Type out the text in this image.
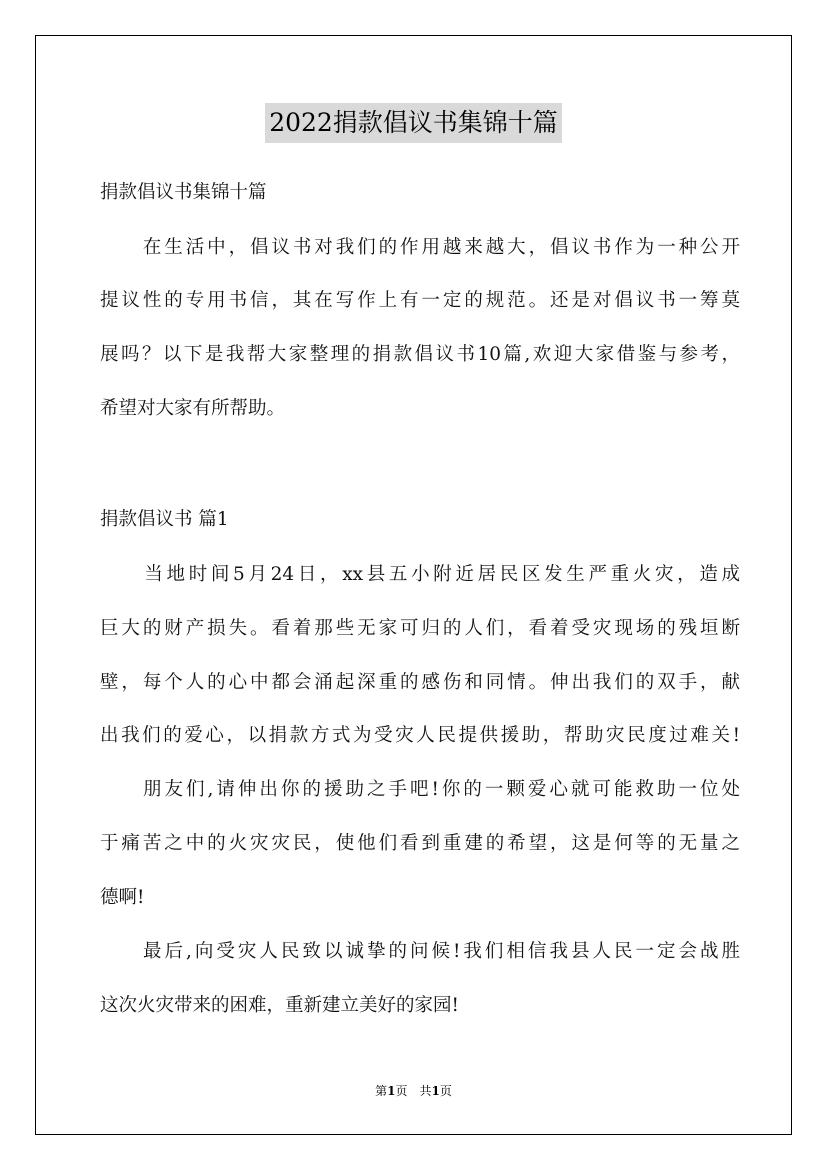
2022捐款倡议书集锦十篇
捐款倡议书集锦十篇
　　在生活中，倡议书对我们的作用越来越大，倡议书作为一种公开
提议性的专用书信，其在写作上有一定的规范。还是对倡议书一筹莫
展吗？以下是我帮大家整理的捐款倡议书10篇,欢迎大家借鉴与参考，
希望对大家有所帮助。
捐款倡议书 篇1
　　当地时间5月24日，xx县五小附近居民区发生严重火灾，造成
巨大的财产损失。看着那些无家可归的人们，看着受灾现场的残垣断
壁，每个人的心中都会涌起深重的感伤和同情。伸出我们的双手，献
出我们的爱心，以捐款方式为受灾人民提供援助，帮助灾民度过难关!
　　朋友们,请伸出你的援助之手吧!你的一颗爱心就可能救助一位处
于痛苦之中的火灾灾民，使他们看到重建的希望，这是何等的无量之
德啊!
　　最后,向受灾人民致以诚挚的问候!我们相信我县人民一定会战胜
这次火灾带来的困难，重新建立美好的家园!
第1页　共1页
